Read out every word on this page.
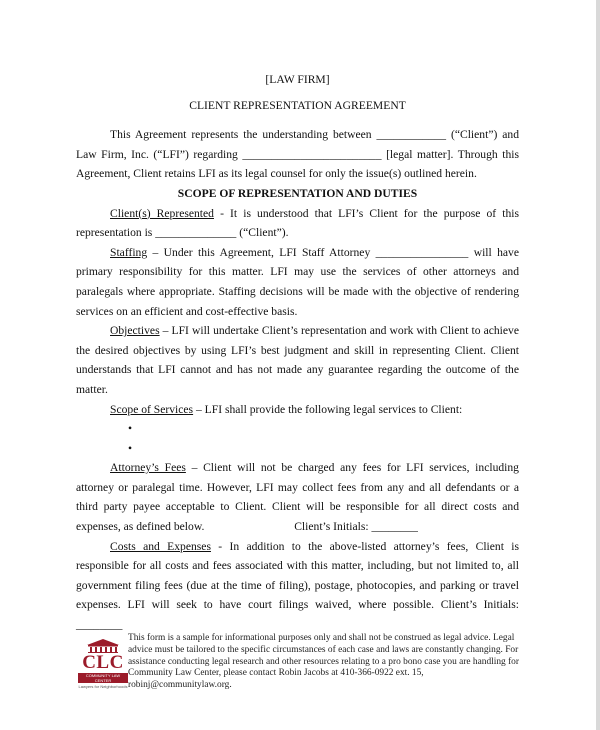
[LAW FIRM]
CLIENT REPRESENTATION AGREEMENT

This Agreement represents the understanding between ____________ (“Client”) and Law Firm, Inc. (“LFI”) regarding ________________________ [legal matter]. Through this Agreement, Client retains LFI as its legal counsel for only the issue(s) outlined herein.

SCOPE OF REPRESENTATION AND DUTIES

Client(s) Represented - It is understood that LFI’s Client for the purpose of this representation is ______________ (“Client”).

Staffing – Under this Agreement, LFI Staff Attorney ________________ will have primary responsibility for this matter. LFI may use the services of other attorneys and paralegals where appropriate. Staffing decisions will be made with the objective of rendering services on an efficient and cost-effective basis.

Objectives – LFI will undertake Client’s representation and work with Client to achieve the desired objectives by using LFI’s best judgment and skill in representing Client. Client understands that LFI cannot and has not made any guarantee regarding the outcome of the matter.

Scope of Services – LFI shall provide the following legal services to Client:

•
•

Attorney’s Fees – Client will not be charged any fees for LFI services, including attorney or paralegal time. However, LFI may collect fees from any and all defendants or a third party payee acceptable to Client. Client will be responsible for all direct costs and expenses, as defined below.                               Client’s Initials: ________

Costs and Expenses - In addition to the above-listed attorney’s fees, Client is responsible for all costs and fees associated with this matter, including, but not limited to, all government filing fees (due at the time of filing), postage, photocopies, and parking or travel expenses. LFI will seek to have court filings waived, where possible. Client’s Initials: ________

CLC
COMMUNITY LAW CENTER
Lawyers for Neighborhoods
This form is a sample for informational purposes only and shall not be construed as legal advice. Legal advice must be tailored to the specific circumstances of each case and laws are constantly changing. For assistance conducting legal research and other resources relating to a pro bono case you are handling for Community Law Center, please contact Robin Jacobs at 410-366-0922 ext. 15, robinj@communitylaw.org.
